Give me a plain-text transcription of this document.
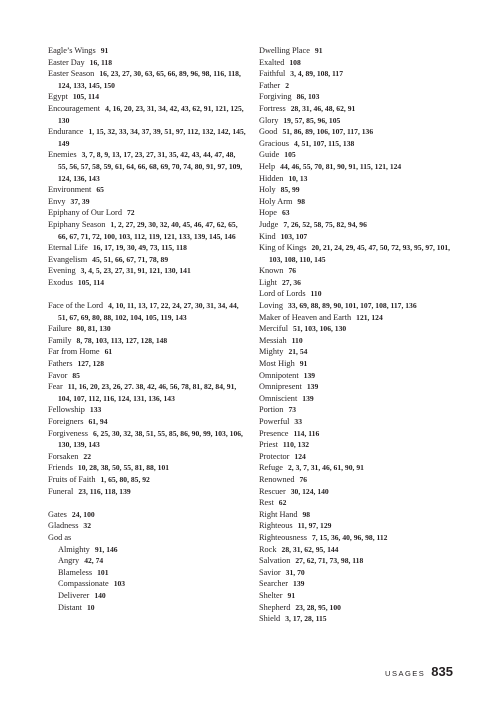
Eagle’s Wings 91
Easter Day 16, 118
Easter Season 16, 23, 27, 30, 63, 65, 66, 89, 96, 98, 116, 118, 124, 133, 145, 150
Egypt 105, 114
Encouragement 4, 16, 20, 23, 31, 34, 42, 43, 62, 91, 121, 125, 130
Endurance 1, 15, 32, 33, 34, 37, 39, 51, 97, 112, 132, 142, 145, 149
Enemies 3, 7, 8, 9, 13, 17, 23, 27, 31, 35, 42, 43, 44, 47, 48, 55, 56, 57, 58, 59, 61, 64, 66, 68, 69, 70, 74, 80, 91, 97, 109, 124, 136, 143
Environment 65
Envy 37, 39
Epiphany of Our Lord 72
Epiphany Season 1, 2, 27, 29, 30, 32, 40, 45, 46, 47, 62, 65, 66, 67, 71, 72, 100, 103, 112, 119, 121, 133, 139, 145, 146
Eternal Life 16, 17, 19, 30, 49, 73, 115, 118
Evangelism 45, 51, 66, 67, 71, 78, 89
Evening 3, 4, 5, 23, 27, 31, 91, 121, 130, 141
Exodus 105, 114
Face of the Lord 4, 10, 11, 13, 17, 22, 24, 27, 30, 31, 34, 44, 51, 67, 69, 80, 88, 102, 104, 105, 119, 143
Failure 80, 81, 130
Family 8, 78, 103, 113, 127, 128, 148
Far from Home 61
Fathers 127, 128
Favor 85
Fear 11, 16, 20, 23, 26, 27. 38, 42, 46, 56, 78, 81, 82, 84, 91, 104, 107, 112, 116, 124, 131, 136, 143
Fellowship 133
Foreigners 61, 94
Forgiveness 6, 25, 30, 32, 38, 51, 55, 85, 86, 90, 99, 103, 106, 130, 139, 143
Forsaken 22
Friends 10, 28, 38, 50, 55, 81, 88, 101
Fruits of Faith 1, 65, 80, 85, 92
Funeral 23, 116, 118, 139
Gates 24, 100
Gladness 32
God as
Almighty 91, 146
Angry 42, 74
Blameless 101
Compassionate 103
Deliverer 140
Distant 10
Dwelling Place 91
Exalted 108
Faithful 3, 4, 89, 108, 117
Father 2
Forgiving 86, 103
Fortress 28, 31, 46, 48, 62, 91
Glory 19, 57, 85, 96, 105
Good 51, 86, 89, 106, 107, 117, 136
Gracious 4, 51, 107, 115, 138
Guide 105
Help 44, 46, 55, 70, 81, 90, 91, 115, 121, 124
Hidden 10, 13
Holy 85, 99
Holy Arm 98
Hope 63
Judge 7, 26, 52, 58, 75, 82, 94, 96
Kind 103, 107
King of Kings 20, 21, 24, 29, 45, 47, 50, 72, 93, 95, 97, 101, 103, 108, 110, 145
Known 76
Light 27, 36
Lord of Lords 110
Loving 33, 69, 88, 89, 90, 101, 107, 108, 117, 136
Maker of Heaven and Earth 121, 124
Merciful 51, 103, 106, 130
Messiah 110
Mighty 21, 54
Most High 91
Omnipotent 139
Omnipresent 139
Omniscient 139
Portion 73
Powerful 33
Presence 114, 116
Priest 110, 132
Protector 124
Refuge 2, 3, 7, 31, 46, 61, 90, 91
Renowned 76
Rescuer 30, 124, 140
Rest 62
Right Hand 98
Righteous 11, 97, 129
Righteousness 7, 15, 36, 40, 96, 98, 112
Rock 28, 31, 62, 95, 144
Salvation 27, 62, 71, 73, 98, 118
Savior 31, 70
Searcher 139
Shelter 91
Shepherd 23, 28, 95, 100
Shield 3, 17, 28, 115
USAGES 835
